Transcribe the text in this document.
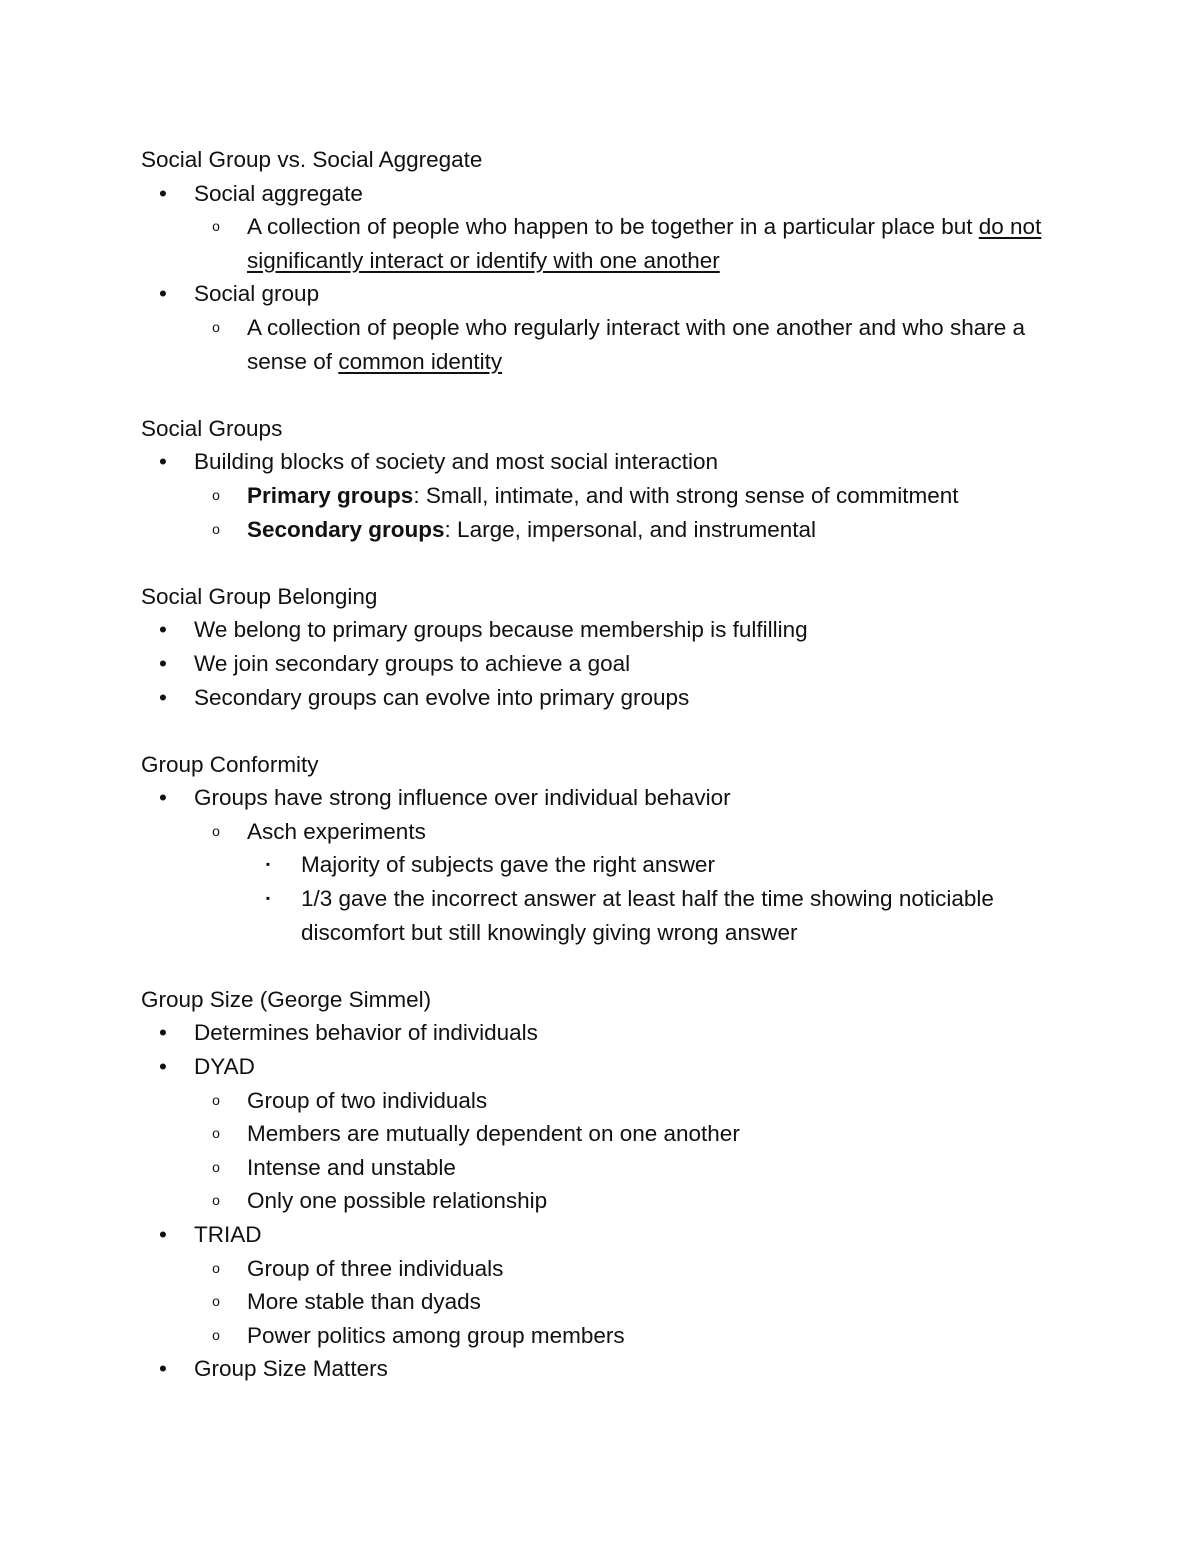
Social Group vs. Social Aggregate
• Social aggregate
o A collection of people who happen to be together in a particular place but do not significantly interact or identify with one another
• Social group
o A collection of people who regularly interact with one another and who share a sense of common identity
Social Groups
• Building blocks of society and most social interaction
o Primary groups: Small, intimate, and with strong sense of commitment
o Secondary groups: Large, impersonal, and instrumental
Social Group Belonging
• We belong to primary groups because membership is fulfilling
• We join secondary groups to achieve a goal
• Secondary groups can evolve into primary groups
Group Conformity
• Groups have strong influence over individual behavior
o Asch experiments
▪	Majority of subjects gave the right answer
▪	1/3 gave the incorrect answer at least half the time showing noticiable discomfort but still knowingly giving wrong answer
Group Size (George Simmel)
• Determines behavior of individuals
• DYAD
o Group of two individuals
o Members are mutually dependent on one another
o Intense and unstable
o Only one possible relationship
• TRIAD
o Group of three individuals
o More stable than dyads
o Power politics among group members
• Group Size Matters
